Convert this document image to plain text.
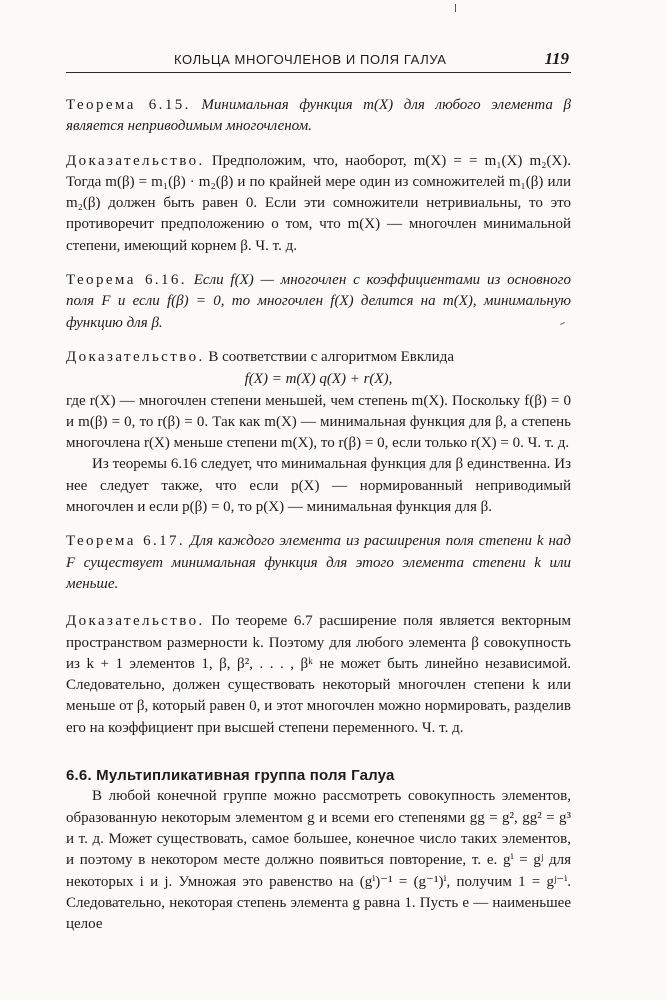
КОЛЬЦА МНОГОЧЛЕНОВ И ПОЛЯ ГАЛУА	119

Теорема 6.15. Минимальная функция m(X) для любого элемента β является неприводимым многочленом.

Доказательство. Предположим, что, наоборот, m(X) = = m₁(X) m₂(X). Тогда m(β) = m₁(β) · m₂(β) и по крайней мере один из сомножителей m₁(β) или m₂(β) должен быть равен 0. Если эти сомножители нетривиальны, то это противоречит предположению о том, что m(X) — многочлен минимальной степени, имеющий корнем β. Ч. т. д.

Теорема 6.16. Если f(X) — многочлен с коэффициентами из основного поля F и если f(β) = 0, то многочлен f(X) делится на m(X), минимальную функцию для β.

Доказательство. В соответствии с алгоритмом Евклида
f(X) = m(X) q(X) + r(X),

где r(X) — многочлен степени меньшей, чем степень m(X). Поскольку f(β) = 0 и m(β) = 0, то r(β) = 0. Так как m(X) — минимальная функция для β, а степень многочлена r(X) меньше степени m(X), то r(β) = 0, если только r(X) = 0. Ч. т. д.

Из теоремы 6.16 следует, что минимальная функция для β единственна. Из нее следует также, что если p(X) — нормированный неприводимый многочлен и если p(β) = 0, то p(X) — минимальная функция для β.

Теорема 6.17. Для каждого элемента из расширения поля степени k над F существует минимальная функция для этого элемента степени k или меньше.

Доказательство. По теореме 6.7 расширение поля является векторным пространством размерности k. Поэтому для любого элемента β совокупность из k + 1 элементов 1, β, β², . . . , βᵏ не может быть линейно независимой. Следовательно, должен существовать некоторый многочлен степени k или меньше от β, который равен 0, и этот многочлен можно нормировать, разделив его на коэффициент при высшей степени переменного. Ч. т. д.

6.6. Мультипликативная группа поля Галуа

В любой конечной группе можно рассмотреть совокупность элементов, образованную некоторым элементом g и всеми его степенями gg = g², gg² = g³ и т. д. Может существовать, самое большее, конечное число таких элементов, и поэтому в некотором месте должно появиться повторение, т. е. gⁱ = gʲ для некоторых i и j. Умножая это равенство на (gⁱ)⁻¹ = (g⁻¹)ⁱ, получим 1 = gʲ⁻ⁱ. Следовательно, некоторая степень элемента g равна 1. Пусть e — наименьшее целое
